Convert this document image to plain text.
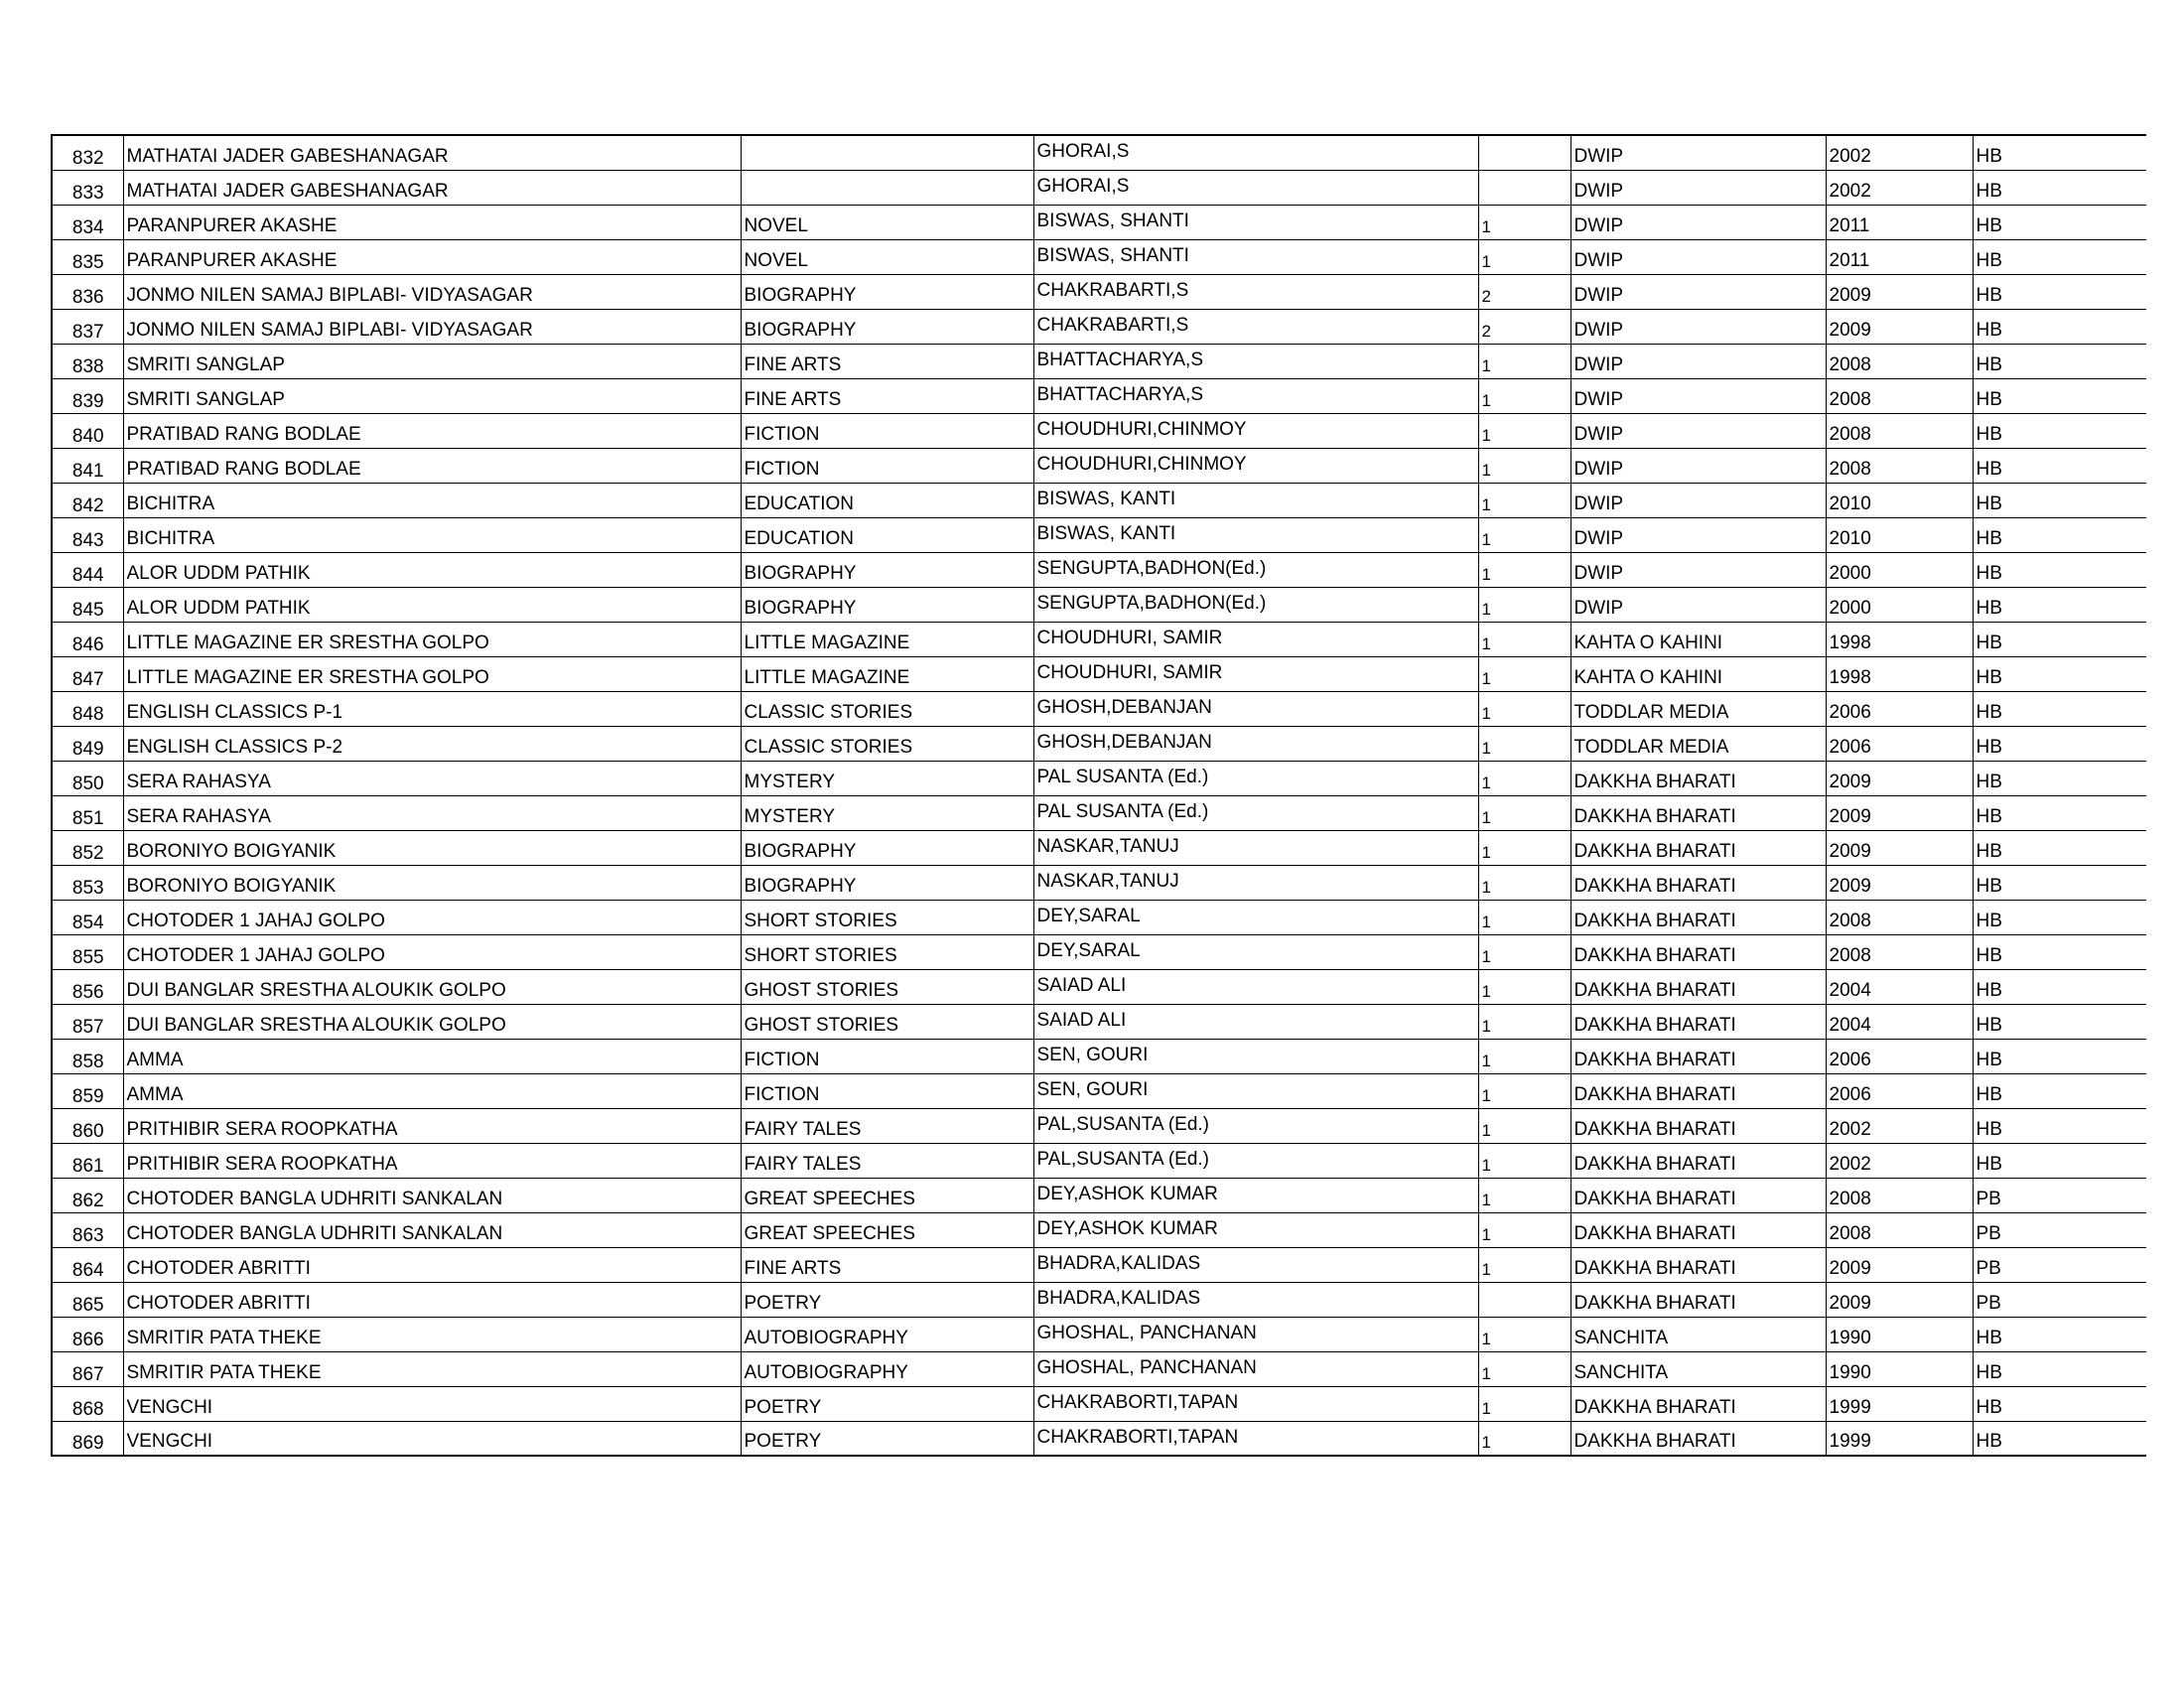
832	MATHATAI JADER GABESHANAGAR		GHORAI,S		DWIP	2002	HB
833	MATHATAI JADER GABESHANAGAR		GHORAI,S		DWIP	2002	HB
834	PARANPURER AKASHE	NOVEL	BISWAS, SHANTI	1	DWIP	2011	HB
835	PARANPURER AKASHE	NOVEL	BISWAS, SHANTI	1	DWIP	2011	HB
836	JONMO NILEN SAMAJ BIPLABI- VIDYASAGAR	BIOGRAPHY	CHAKRABARTI,S	2	DWIP	2009	HB
837	JONMO NILEN SAMAJ BIPLABI- VIDYASAGAR	BIOGRAPHY	CHAKRABARTI,S	2	DWIP	2009	HB
838	SMRITI SANGLAP	FINE ARTS	BHATTACHARYA,S	1	DWIP	2008	HB
839	SMRITI SANGLAP	FINE ARTS	BHATTACHARYA,S	1	DWIP	2008	HB
840	PRATIBAD RANG BODLAE	FICTION	CHOUDHURI,CHINMOY	1	DWIP	2008	HB
841	PRATIBAD RANG BODLAE	FICTION	CHOUDHURI,CHINMOY	1	DWIP	2008	HB
842	BICHITRA	EDUCATION	BISWAS, KANTI	1	DWIP	2010	HB
843	BICHITRA	EDUCATION	BISWAS, KANTI	1	DWIP	2010	HB
844	ALOR UDDM PATHIK	BIOGRAPHY	SENGUPTA,BADHON(Ed.)	1	DWIP	2000	HB
845	ALOR UDDM PATHIK	BIOGRAPHY	SENGUPTA,BADHON(Ed.)	1	DWIP	2000	HB
846	LITTLE MAGAZINE ER SRESTHA GOLPO	LITTLE MAGAZINE	CHOUDHURI, SAMIR	1	KAHTA O KAHINI	1998	HB
847	LITTLE MAGAZINE ER SRESTHA GOLPO	LITTLE MAGAZINE	CHOUDHURI, SAMIR	1	KAHTA O KAHINI	1998	HB
848	ENGLISH CLASSICS P-1	CLASSIC STORIES	GHOSH,DEBANJAN	1	TODDLAR MEDIA	2006	HB
849	ENGLISH CLASSICS P-2	CLASSIC STORIES	GHOSH,DEBANJAN	1	TODDLAR MEDIA	2006	HB
850	SERA RAHASYA	MYSTERY	PAL SUSANTA (Ed.)	1	DAKKHA BHARATI	2009	HB
851	SERA RAHASYA	MYSTERY	PAL SUSANTA (Ed.)	1	DAKKHA BHARATI	2009	HB
852	BORONIYO BOIGYANIK	BIOGRAPHY	NASKAR,TANUJ	1	DAKKHA BHARATI	2009	HB
853	BORONIYO BOIGYANIK	BIOGRAPHY	NASKAR,TANUJ	1	DAKKHA BHARATI	2009	HB
854	CHOTODER 1 JAHAJ GOLPO	SHORT STORIES	DEY,SARAL	1	DAKKHA BHARATI	2008	HB
855	CHOTODER 1 JAHAJ GOLPO	SHORT STORIES	DEY,SARAL	1	DAKKHA BHARATI	2008	HB
856	DUI BANGLAR SRESTHA ALOUKIK GOLPO	GHOST STORIES	SAIAD ALI	1	DAKKHA BHARATI	2004	HB
857	DUI BANGLAR SRESTHA ALOUKIK GOLPO	GHOST STORIES	SAIAD ALI	1	DAKKHA BHARATI	2004	HB
858	AMMA	FICTION	SEN, GOURI	1	DAKKHA BHARATI	2006	HB
859	AMMA	FICTION	SEN, GOURI	1	DAKKHA BHARATI	2006	HB
860	PRITHIBIR SERA ROOPKATHA	FAIRY TALES	PAL,SUSANTA (Ed.)	1	DAKKHA BHARATI	2002	HB
861	PRITHIBIR SERA ROOPKATHA	FAIRY TALES	PAL,SUSANTA (Ed.)	1	DAKKHA BHARATI	2002	HB
862	CHOTODER BANGLA UDHRITI SANKALAN	GREAT SPEECHES	DEY,ASHOK KUMAR	1	DAKKHA BHARATI	2008	PB
863	CHOTODER BANGLA UDHRITI SANKALAN	GREAT SPEECHES	DEY,ASHOK KUMAR	1	DAKKHA BHARATI	2008	PB
864	CHOTODER ABRITTI	FINE ARTS	BHADRA,KALIDAS	1	DAKKHA BHARATI	2009	PB
865	CHOTODER ABRITTI	POETRY	BHADRA,KALIDAS		DAKKHA BHARATI	2009	PB
866	SMRITIR PATA THEKE	AUTOBIOGRAPHY	GHOSHAL, PANCHANAN	1	SANCHITA	1990	HB
867	SMRITIR PATA THEKE	AUTOBIOGRAPHY	GHOSHAL, PANCHANAN	1	SANCHITA	1990	HB
868	VENGCHI	POETRY	CHAKRABORTI,TAPAN	1	DAKKHA BHARATI	1999	HB
869	VENGCHI	POETRY	CHAKRABORTI,TAPAN	1	DAKKHA BHARATI	1999	HB
